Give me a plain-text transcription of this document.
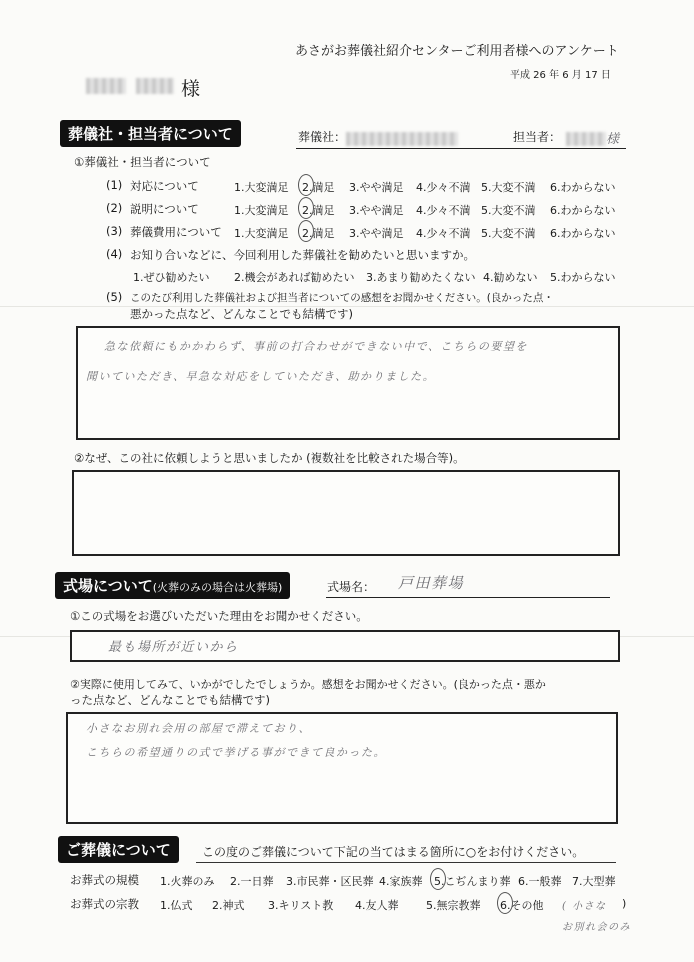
あさがお葬儀社紹介センターご利用者様へのアンケート
平成 26 年 6 月 17 日
様
葬儀社・担当者について	葬儀社：	担当者：	様
①葬儀社・担当者について
(1) 対応について	1.大変満足 2.満足 3.やや満足 4.少々不満 5.大変不満 6.わからない
(2) 説明について	1.大変満足 2.満足 3.やや満足 4.少々不満 5.大変不満 6.わからない
(3) 葬儀費用について 1.大変満足 2.満足 3.やや満足 4.少々不満 5.大変不満 6.わからない
(4) お知り合いなどに、今回利用した葬儀社を勧めたいと思いますか。
1.ぜひ勧めたい 2.機会があれば勧めたい 3.あまり勧めたくない 4.勧めない 5.わからない
(5) このたび利用した葬儀社および担当者についての感想をお聞かせください。(良かった点・
悪かった点など、どんなことでも結構です)
急な依頼にもかかわらず、事前の打合わせができない中で、こちらの要望を
聞いていただき、早急な対応をしていただき、助かりました。
②なぜ、この社に依頼しようと思いましたか (複数社を比較された場合等)。
式場について(火葬のみの場合は火葬場)	式場名： 戸田葬場
①この式場をお選びいただいた理由をお聞かせください。
最も場所が近いから
②実際に使用してみて、いかがでしたでしょうか。感想をお聞かせください。(良かった点・悪か
った点など、どんなことでも結構です)
小さなお別れ会用の部屋で滞えており、
こちらの希望通りの式で挙げる事ができて良かった。
ご葬儀について	この度のご葬儀について下記の当てはまる箇所に○をお付けください。
お葬式の規模 1.火葬のみ 2.一日葬 3.市民葬・区民葬 4.家族葬 5.こぢんまり葬 6.一般葬 7.大型葬
お葬式の宗教 1.仏式 2.神式 3.キリスト教 4.友人葬	5.無宗教葬 6.その他 ( 小さな )
お別れ会のみ
